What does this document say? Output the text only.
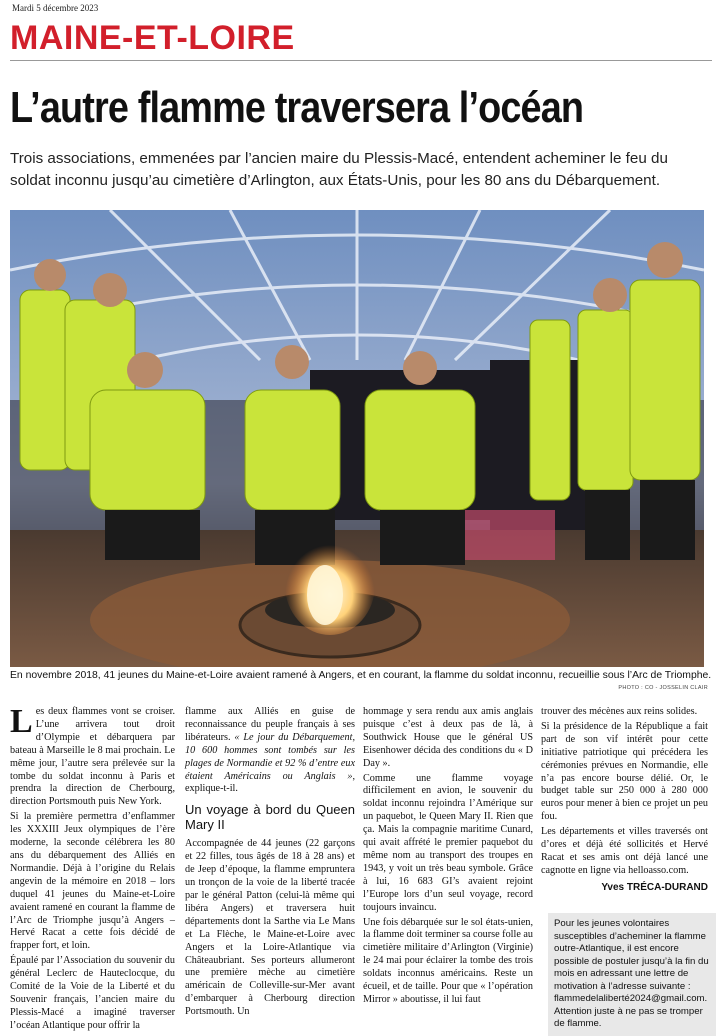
Mardi 5 décembre 2023
MAINE-ET-LOIRE
L’autre flamme traversera l’océan
Trois associations, emmenées par l’ancien maire du Plessis-Macé, entendent acheminer le feu du soldat inconnu jusqu’au cimetière d’Arlington, aux États-Unis, pour les 80 ans du Débarquement.
En novembre 2018, 41 jeunes du Maine-et-Loire avaient ramené à Angers, et en courant, la flamme du soldat inconnu, recueillie sous l’Arc de Triomphe.
PHOTO : CO - JOSSELIN CLAIR

Les deux flammes vont se croiser. L’une arrivera tout droit d’Olympie et débarquera par bateau à Marseille le 8 mai prochain. Le même jour, l’autre sera prélevée sur la tombe du soldat inconnu à Paris et prendra la direction de Cherbourg, direction Portsmouth puis New York.

Si la première permettra d’enflammer les XXXIII Jeux olympiques de l’ère moderne, la seconde célébrera les 80 ans du débarquement des Alliés en Normandie. Déjà à l’origine du Relais angevin de la mémoire en 2018 – lors duquel 41 jeunes du Maine-et-Loire avaient ramené en courant la flamme de l’Arc de Triomphe jusqu’à Angers – Hervé Racat a cette fois décidé de frapper fort, et loin.

Épaulé par l’Association du souvenir du général Leclerc de Hauteclocque, du Comité de la Voie de la Liberté et du Souvenir français, l’ancien maire du Plessis-Macé a imaginé traverser l’océan Atlantique pour offrir la

flamme aux Alliés en guise de reconnaissance du peuple français à ses libérateurs. « Le jour du Débarquement, 10 600 hommes sont tombés sur les plages de Normandie et 92 % d’entre eux étaient Américains ou Anglais », explique-t-il.

Un voyage à bord du Queen Mary II

Accompagnée de 44 jeunes (22 garçons et 22 filles, tous âgés de 18 à 28 ans) et de Jeep d’époque, la flamme empruntera un tronçon de la voie de la liberté tracée par le général Patton (celui-là même qui libéra Angers) et traversera huit départements dont la Sarthe via Le Mans et La Flèche, le Maine-et-Loire avec Angers et la Loire-Atlantique via Châteaubriant. Ses porteurs allumeront une première mèche au cimetière américain de Colleville-sur-Mer avant d’embarquer à Cherbourg direction Portsmouth. Un

hommage y sera rendu aux amis anglais puisque c’est à deux pas de là, à Southwick House que le général US Eisenhower décida des conditions du « D Day ».

Comme une flamme voyage difficilement en avion, le souvenir du soldat inconnu rejoindra l’Amérique sur un paquebot, le Queen Mary II. Rien que ça. Mais la compagnie maritime Cunard, qui avait affrété le premier paquebot du même nom au transport des troupes en 1943, y voit un très beau symbole. Grâce à lui, 16 683 GI’s avaient rejoint l’Europe lors d’un seul voyage, record toujours invaincu.

Une fois débarquée sur le sol états-unien, la flamme doit terminer sa course folle au cimetière militaire d’Arlington (Virginie) le 24 mai pour éclairer la tombe des trois soldats inconnus américains. Reste un écueil, et de taille. Pour que « l’opération Mirror » aboutisse, il lui faut

trouver des mécènes aux reins solides.

Si la présidence de la République a fait part de son vif intérêt pour cette initiative patriotique qui précédera les cérémonies prévues en Normandie, elle n’a pas encore bourse délié. Or, le budget table sur 250 000 à 280 000 euros pour mener à bien ce projet un peu fou.

Les départements et villes traversés ont d’ores et déjà été sollicités et Hervé Racat et ses amis ont déjà lancé une cagnotte en ligne via helloasso.com.

Yves TRÉCA-DURAND
Pour les jeunes volontaires susceptibles d’acheminer la flamme outre-Atlantique, il est encore possible de postuler jusqu’à la fin du mois en adressant une lettre de motivation à l’adresse suivante : flammedelaliberté2024@gmail.com. Attention juste à ne pas se tromper de flamme.
